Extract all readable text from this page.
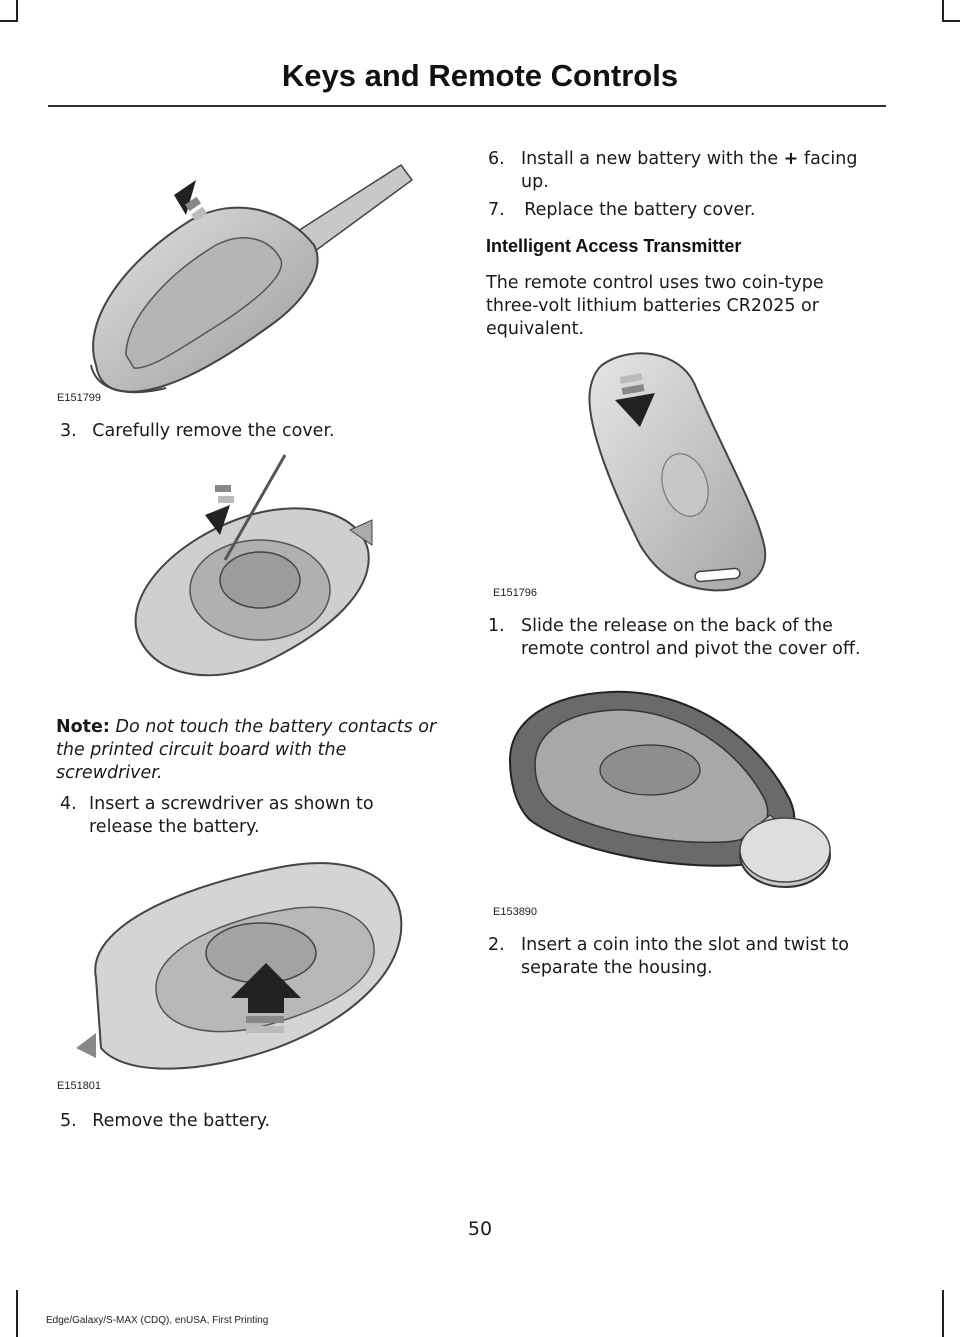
Keys and Remote Controls
E151799
3. Carefully remove the cover.
Note: Do not touch the battery contacts or the printed circuit board with the screwdriver.
4. Insert a screwdriver as shown to
release the battery.
E151801
5. Remove the battery.
6. Install a new battery with the + facing
up.
7. Replace the battery cover.
Intelligent Access Transmitter
The remote control uses two coin-type
three-volt lithium batteries CR2025 or
equivalent.
E151796
1. Slide the release on the back of the
remote control and pivot the cover off.
E153890
2. Insert a coin into the slot and twist to
separate the housing.
50
Edge/Galaxy/S-MAX (CDQ), enUSA, First Printing
